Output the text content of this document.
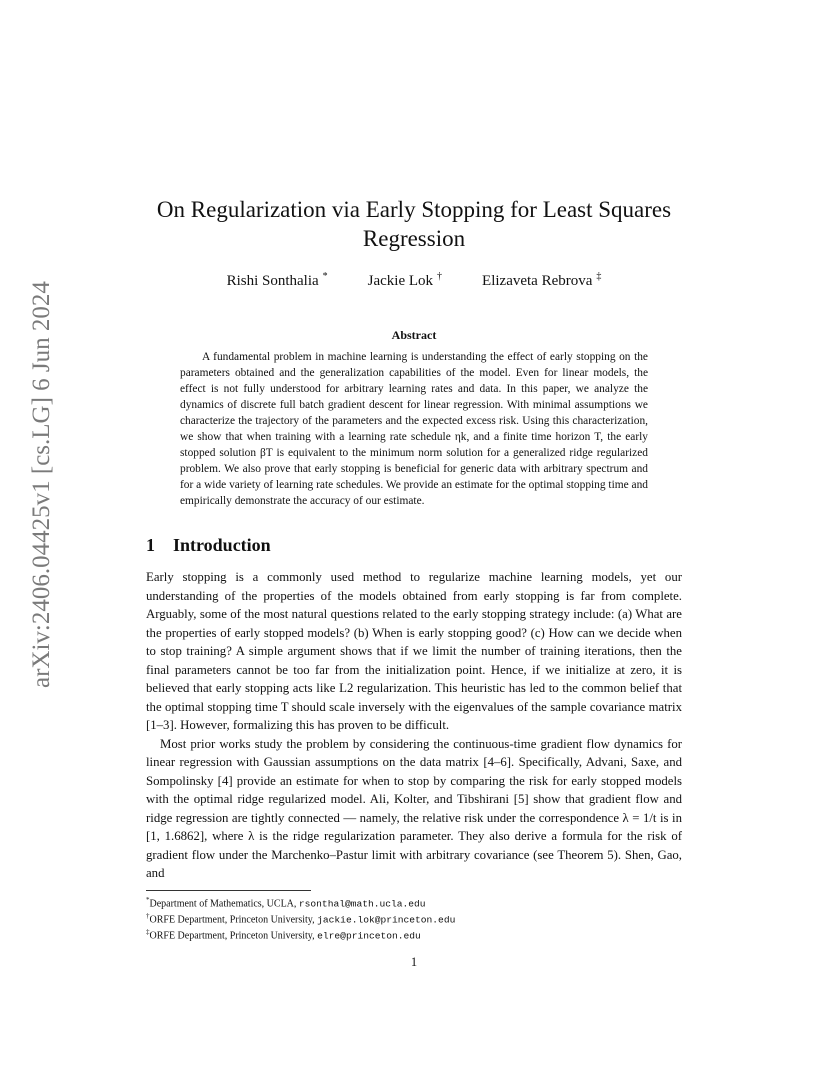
arXiv:2406.04425v1 [cs.LG] 6 Jun 2024
On Regularization via Early Stopping for Least Squares Regression
Rishi Sonthalia *	Jackie Lok †	Elizaveta Rebrova ‡
Abstract

A fundamental problem in machine learning is understanding the effect of early stopping on the parameters obtained and the generalization capabilities of the model. Even for linear models, the effect is not fully understood for arbitrary learning rates and data. In this paper, we analyze the dynamics of discrete full batch gradient descent for linear regression. With minimal assumptions we characterize the trajectory of the parameters and the expected excess risk. Using this characterization, we show that when training with a learning rate schedule ηk, and a finite time horizon T, the early stopped solution βT is equivalent to the minimum norm solution for a generalized ridge regularized problem. We also prove that early stopping is beneficial for generic data with arbitrary spectrum and for a wide variety of learning rate schedules. We provide an estimate for the optimal stopping time and empirically demonstrate the accuracy of our estimate.

1 Introduction

Early stopping is a commonly used method to regularize machine learning models, yet our understanding of the properties of the models obtained from early stopping is far from complete. Arguably, some of the most natural questions related to the early stopping strategy include: (a) What are the properties of early stopped models? (b) When is early stopping good? (c) How can we decide when to stop training? A simple argument shows that if we limit the number of training iterations, then the final parameters cannot be too far from the initialization point. Hence, if we initialize at zero, it is believed that early stopping acts like L2 regularization. This heuristic has led to the common belief that the optimal stopping time T should scale inversely with the eigenvalues of the sample covariance matrix [1–3]. However, formalizing this has proven to be difficult.

Most prior works study the problem by considering the continuous-time gradient flow dynamics for linear regression with Gaussian assumptions on the data matrix [4–6]. Specifically, Advani, Saxe, and Sompolinsky [4] provide an estimate for when to stop by comparing the risk for early stopped models with the optimal ridge regularized model. Ali, Kolter, and Tibshirani [5] show that gradient flow and ridge regression are tightly connected — namely, the relative risk under the correspondence λ = 1/t is in [1, 1.6862], where λ is the ridge regularization parameter. They also derive a formula for the risk of gradient flow under the Marchenko–Pastur limit with arbitrary covariance (see Theorem 5). Shen, Gao, and

*Department of Mathematics, UCLA, rsonthal@math.ucla.edu
†ORFE Department, Princeton University, jackie.lok@princeton.edu
‡ORFE Department, Princeton University, elre@princeton.edu
1
